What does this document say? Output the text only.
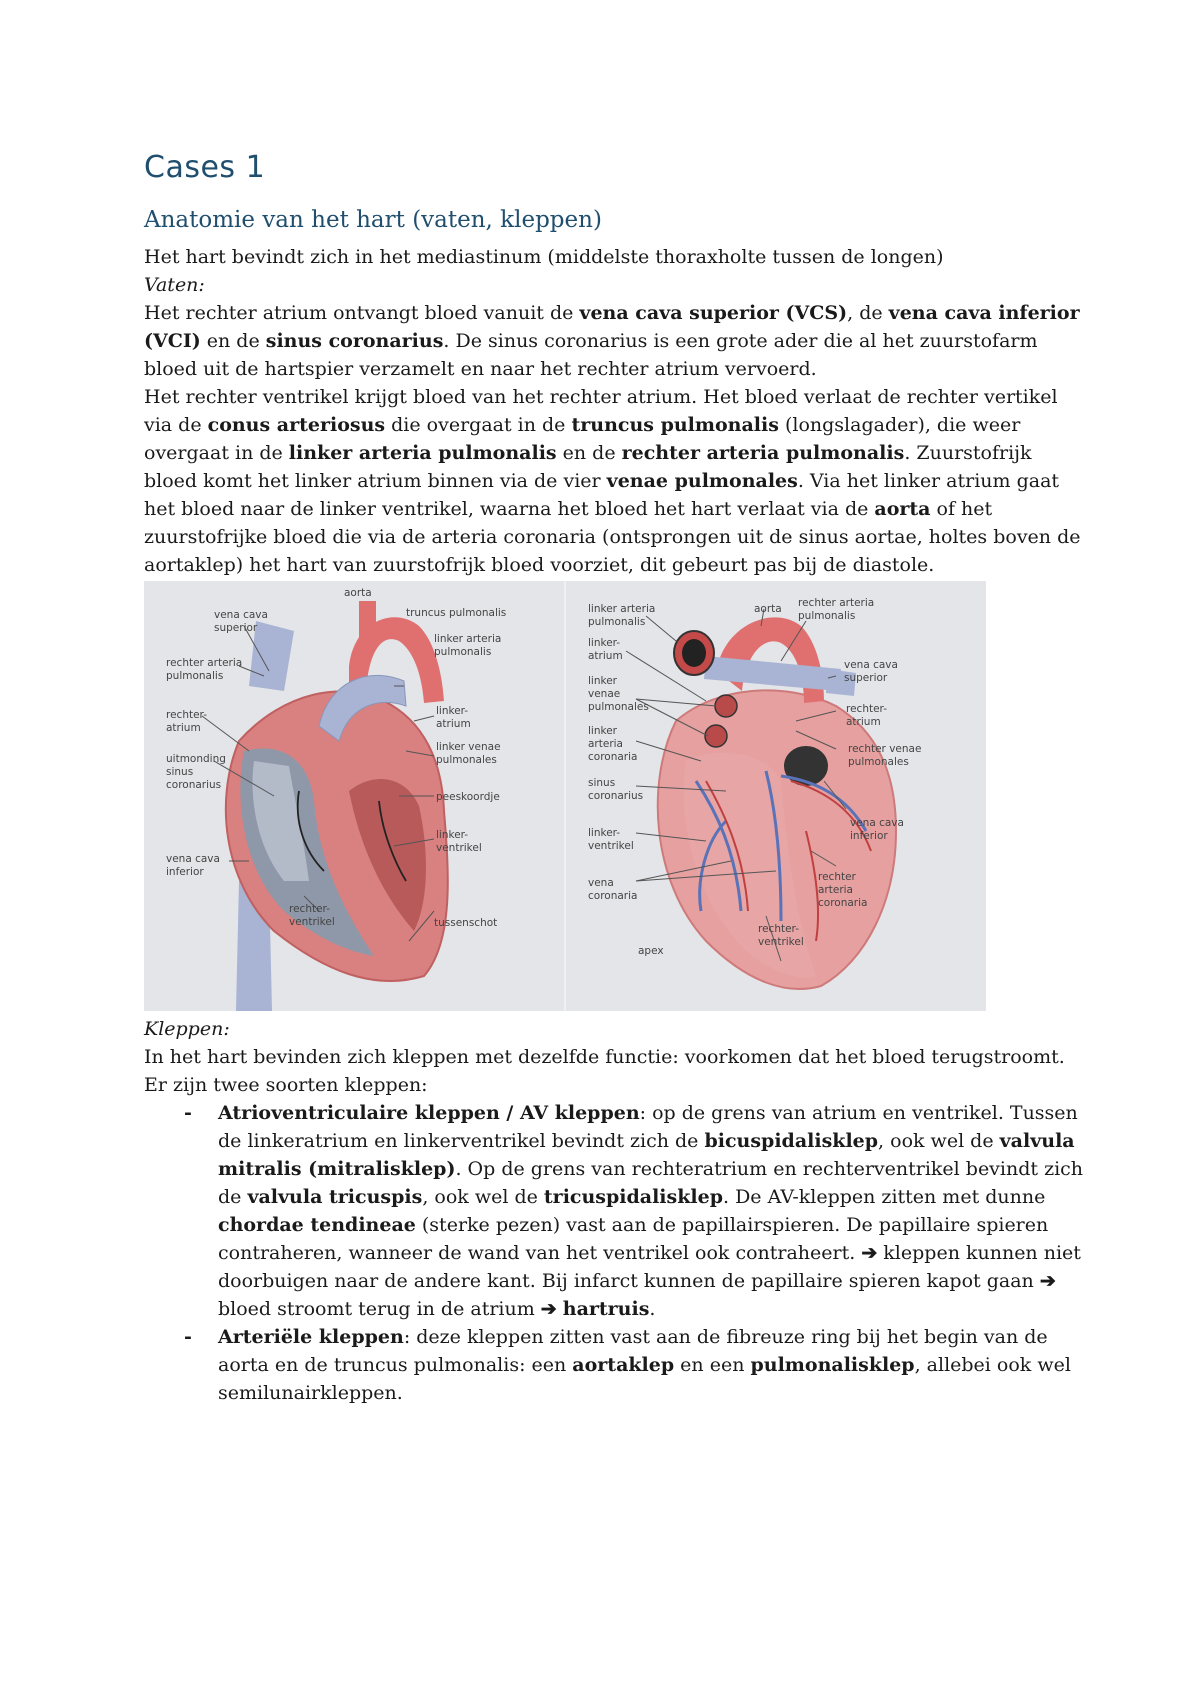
Cases 1
Anatomie van het hart (vaten, kleppen)

Het hart bevindt zich in het mediastinum (middelste thoraxholte tussen de longen)

Vaten:

Het rechter atrium ontvangt bloed vanuit de vena cava superior (VCS), de vena cava inferior (VCI) en de sinus coronarius. De sinus coronarius is een grote ader die al het zuurstofarm bloed uit de hartspier verzamelt en naar het rechter atrium vervoerd.

Het rechter ventrikel krijgt bloed van het rechter atrium. Het bloed verlaat de rechter vertikel via de conus arteriosus die overgaat in de truncus pulmonalis (longslagader), die weer overgaat in de linker arteria pulmonalis en de rechter arteria pulmonalis. Zuurstofrijk bloed komt het linker atrium binnen via de vier venae pulmonales. Via het linker atrium gaat het bloed naar de linker ventrikel, waarna het bloed het hart verlaat via de aorta of het zuurstofrijke bloed die via de arteria coronaria (ontsprongen uit de sinus aortae, holtes boven de aortaklep) het hart van zuurstofrijk bloed voorziet, dit gebeurt pas bij de diastole.

aorta
truncus pulmonalis
vena cava
superior
linker arteria
pulmonalis
rechter arteria
pulmonalis
linker-
atrium
rechter-
atrium
linker venae
pulmonales
uitmonding
sinus
coronarius
peeskoordje
linker-
ventrikel
vena cava
inferior
rechter-
ventrikel	tussenschot
linker arteria
pulmonalis
aorta rechter arteria
pulmonalis
linker-
atrium
vena cava
superior
linker
venae
pulmonales	rechter-
atrium
linker
arteria
coronaria
rechter venae
pulmonales
sinus
coronarius
vena cava
inferior
linker-
ventrikel
rechter
arteria
coronaria
vena
coronaria
rechter-
ventrikel
apex

Kleppen:

In het hart bevinden zich kleppen met dezelfde functie: voorkomen dat het bloed terugstroomt. Er zijn twee soorten kleppen:

- Atrioventriculaire kleppen / AV kleppen: op de grens van atrium en ventrikel. Tussen de linkeratrium en linkerventrikel bevindt zich de bicuspidalisklep, ook wel de valvula mitralis (mitralisklep). Op de grens van rechteratrium en rechterventrikel bevindt zich de valvula tricuspis, ook wel de tricuspidalisklep. De AV-kleppen zitten met dunne chordae tendineae (sterke pezen) vast aan de papillairspieren. De papillaire spieren contraheren, wanneer de wand van het ventrikel ook contraheert. ➔ kleppen kunnen niet doorbuigen naar de andere kant. Bij infarct kunnen de papillaire spieren kapot gaan ➔ bloed stroomt terug in de atrium ➔ hartruis.
- Arteriële kleppen: deze kleppen zitten vast aan de fibreuze ring bij het begin van de aorta en de truncus pulmonalis: een aortaklep en een pulmonalisklep, allebei ook wel semilunairkleppen.
